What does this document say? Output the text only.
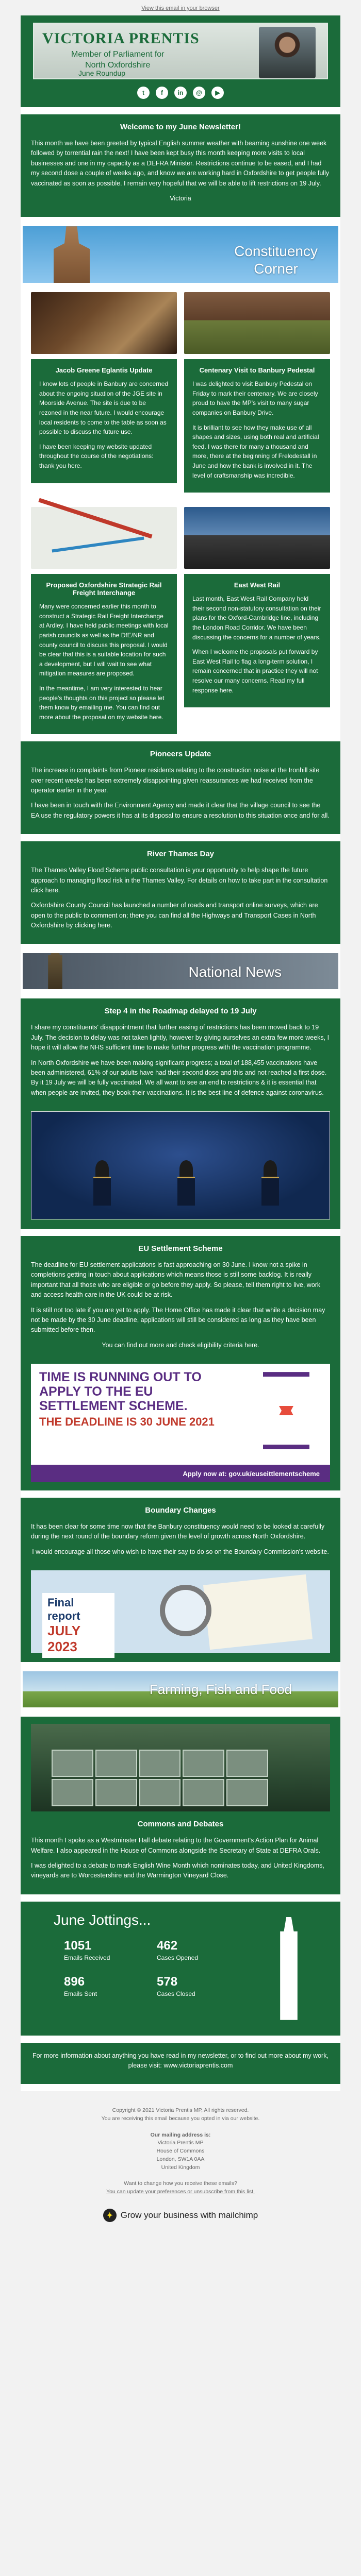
View this email in your browser
VICTORIA PRENTIS
Member of Parliament for
North Oxfordshire
June Roundup
t	f	in	@	▶
Welcome to my June Newsletter!

This month we have been greeted by typical English summer weather with beaming sunshine one week followed by torrential rain the next! I have been kept busy this month keeping more visits to local businesses and one in my capacity as a DEFRA Minister. Restrictions continue to be eased, and I had my second dose a couple of weeks ago, and know we are working hard in Oxfordshire to get people fully vaccinated as soon as possible. I remain very hopeful that we will be able to lift restrictions on 19 July.

Victoria

Constituency
Corner
Jacob Greene Eglantis Update

I know lots of people in Banbury are concerned about the ongoing situation of the JGE site in Moorside Avenue. The site is due to be rezoned in the near future. I would encourage local residents to come to the table as soon as possible to discuss the future use.

I have been keeping my website updated throughout the course of the negotiations: thank you here.

Centenary Visit to Banbury Pedestal

I was delighted to visit Banbury Pedestal on Friday to mark their centenary. We are closely proud to have the MP's visit to many sugar companies on Banbury Drive.

It is brilliant to see how they make use of all shapes and sizes, using both real and artificial feed. I was there for many a thousand and more, there at the beginning of Frelodestall in June and how the bank is involved in it. The level of craftsmanship was incredible.

Proposed Oxfordshire Strategic Rail Freight Interchange

Many were concerned earlier this month to construct a Strategic Rail Freight Interchange at Ardley. I have held public meetings with local parish councils as well as the DfE/NR and county council to discuss this proposal. I would be clear that this is a suitable location for such a development, but I will wait to see what mitigation measures are proposed.

In the meantime, I am very interested to hear people's thoughts on this project so please let them know by emailing me. You can find out more about the proposal on my website here.

East West Rail

Last month, East West Rail Company held their second non-statutory consultation on their plans for the Oxford-Cambridge line, including the London Road Corridor. We have been discussing the concerns for a number of years.

When I welcome the proposals put forward by East West Rail to flag a long-term solution, I remain concerned that in practice they will not resolve our many concerns. Read my full response here.

Pioneers Update

The increase in complaints from Pioneer residents relating to the construction noise at the Ironhill site over recent weeks has been extremely disappointing given reassurances we had received from the operator earlier in the year.

I have been in touch with the Environment Agency and made it clear that the village council to see the EA use the regulatory powers it has at its disposal to ensure a resolution to this situation once and for all.

River Thames Day

The Thames Valley Flood Scheme public consultation is your opportunity to help shape the future approach to managing flood risk in the Thames Valley. For details on how to take part in the consultation click here.

Oxfordshire County Council has launched a number of roads and transport online surveys, which are open to the public to comment on; there you can find all the Highways and Transport Cases in North Oxfordshire by clicking here.

National News
Step 4 in the Roadmap delayed to 19 July

I share my constituents' disappointment that further easing of restrictions has been moved back to 19 July. The decision to delay was not taken lightly, however by giving ourselves an extra few more weeks, I hope it will allow the NHS sufficient time to make further progress with the vaccination programme.

In North Oxfordshire we have been making significant progress; a total of 188,455 vaccinations have been administered, 61% of our adults have had their second dose and this and not reached a first dose. By it 19 July we will be fully vaccinated. We all want to see an end to restrictions & it is essential that when people are invited, they book their vaccinations. It is the best line of defence against coronavirus.

EU Settlement Scheme

The deadline for EU settlement applications is fast approaching on 30 June. I know not a spike in completions getting in touch about applications which means those is still some backlog. It is really important that all those who are eligible or go before they apply. So please, tell them right to live, work and access health care in the UK could be at risk.

It is still not too late if you are yet to apply. The Home Office has made it clear that while a decision may not be made by the 30 June deadline, applications will still be considered as long as they have been submitted before then.

You can find out more and check eligibility criteria here.

TIME IS RUNNING OUT TO APPLY TO THE EU SETTLEMENT SCHEME.
THE DEADLINE IS 30 JUNE 2021
Apply now at: gov.uk/euseittlementscheme
Boundary Changes

It has been clear for some time now that the Banbury constituency would need to be looked at carefully during the next round of the boundary reform given the level of growth across North Oxfordshire.

I would encourage all those who wish to have their say to do so on the Boundary Commission's website.

Final report
JULY 2023
Farming, Fish and Food
Commons and Debates

This month I spoke as a Westminster Hall debate relating to the Government's Action Plan for Animal Welfare. I also appeared in the House of Commons alongside the Secretary of State at DEFRA Orals.

I was delighted to a debate to mark English Wine Month which nominates today, and United Kingdoms, vineyards are to Worcestershire and the Warmington Vineyard Close.

June Jottings...
1051
Emails Received
462
Cases Opened
896
Emails Sent
578
Cases Closed

For more information about anything you have read in my newsletter, or to find out more about my work, please visit: www.victoriaprentis.com

Copyright © 2021 Victoria Prentis MP, All rights reserved.
You are receiving this email because you opted in via our website.

Our mailing address is:
Victoria Prentis MP
House of Commons
London, SW1A 0AA
United Kingdom

Want to change how you receive these emails?
You can update your preferences or unsubscribe from this list.
✦ Grow your business with mailchimp
